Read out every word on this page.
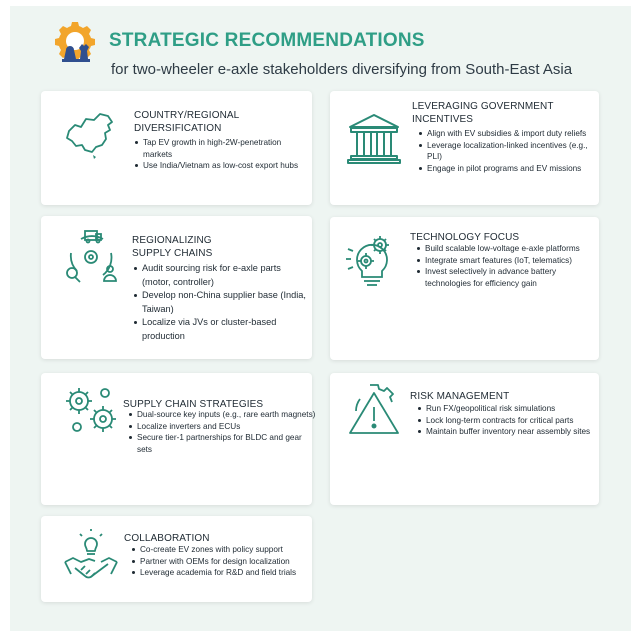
STRATEGIC RECOMMENDATIONS
for two-wheeler e-axle stakeholders diversifying from South-East Asia
COUNTRY/REGIONAL DIVERSIFICATION
Tap EV growth in high-2W-penetration markets
Use India/Vietnam as low-cost export hubs
LEVERAGING GOVERNMENT INCENTIVES
Align with EV subsidies & import duty reliefs
Leverage localization-linked incentives (e.g., PLI)
Engage in pilot programs and EV missions
REGIONALIZING SUPPLY CHAINS
Audit sourcing risk for e-axle parts (motor, controller)
Develop non-China supplier base (India, Taiwan)
Localize via JVs or cluster-based production
TECHNOLOGY FOCUS
Build scalable low-voltage e-axle platforms
Integrate smart features (IoT, telematics)
Invest selectively in advance battery technologies for efficiency gain
SUPPLY CHAIN STRATEGIES
Dual-source key inputs (e.g., rare earth magnets)
Localize inverters and ECUs
Secure tier-1 partnerships for BLDC and gear sets
RISK MANAGEMENT
Run FX/geopolitical risk simulations
Lock long-term contracts for critical parts
Maintain buffer inventory near assembly sites
COLLABORATION
Co-create EV zones with policy support
Partner with OEMs for design localization
Leverage academia for R&D and field trials
